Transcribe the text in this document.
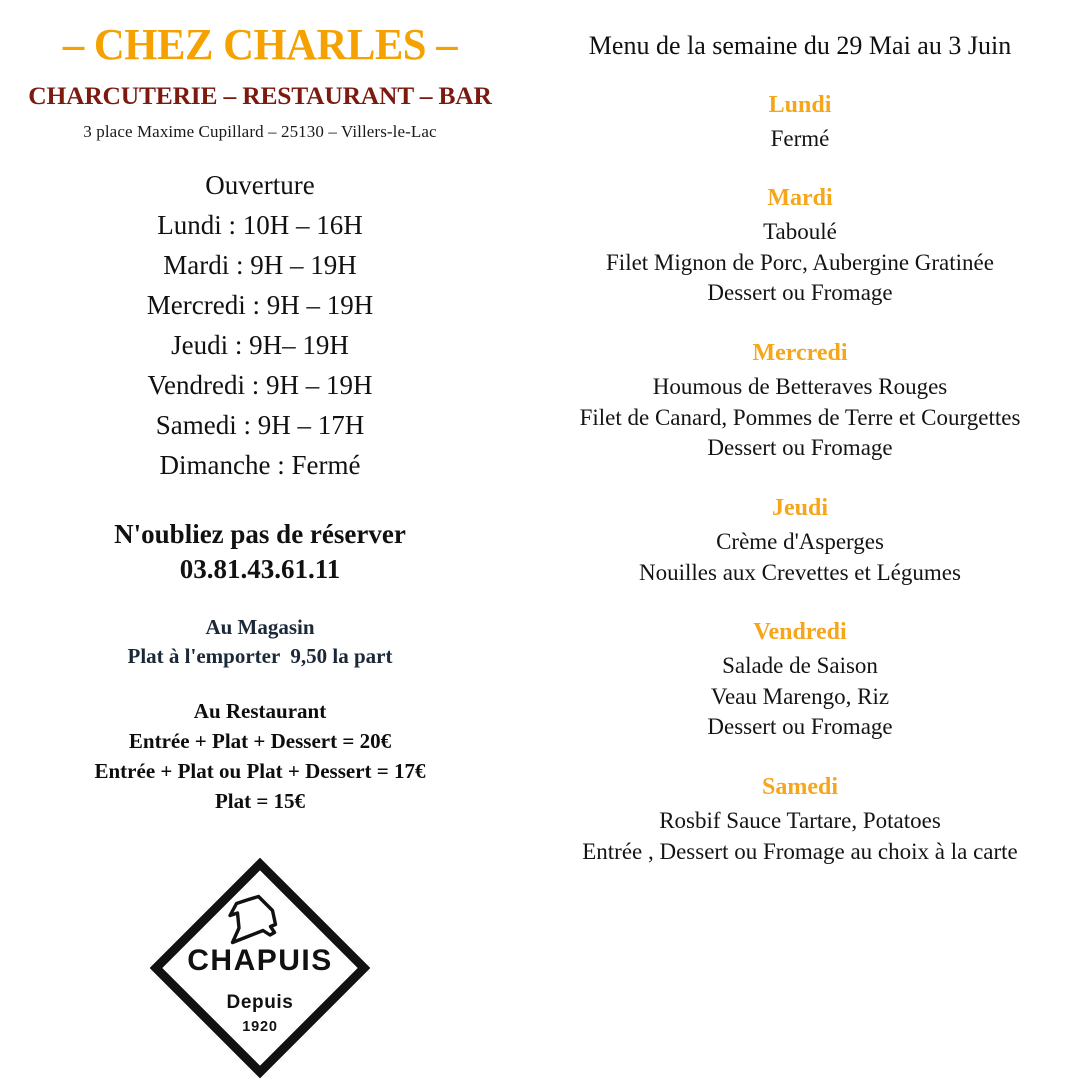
– CHEZ CHARLES –
CHARCUTERIE – RESTAURANT – BAR

3 place Maxime Cupillard – 25130 – Villers-le-Lac

Ouverture
Lundi : 10H – 16H
Mardi : 9H – 19H
Mercredi : 9H – 19H
Jeudi : 9H– 19H
Vendredi : 9H – 19H
Samedi : 9H – 17H
Dimanche : Fermé
N'oubliez pas de réserver
03.81.43.61.11
Au Magasin
Plat à l'emporter  9,50 la part
Au Restaurant
Entrée + Plat + Dessert = 20€
Entrée + Plat ou Plat + Dessert = 17€
Plat = 15€
CHAPUIS
Depuis
1920

Menu de la semaine du 29 Mai au 3 Juin

Lundi
Fermé
Mardi
Taboulé
Filet Mignon de Porc, Aubergine Gratinée
Dessert ou Fromage
Mercredi
Houmous de Betteraves Rouges
Filet de Canard, Pommes de Terre et Courgettes
Dessert ou Fromage
Jeudi
Crème d'Asperges
Nouilles aux Crevettes et Légumes
Vendredi
Salade de Saison
Veau Marengo, Riz
Dessert ou Fromage
Samedi
Rosbif Sauce Tartare, Potatoes
Entrée , Dessert ou Fromage au choix à la carte
